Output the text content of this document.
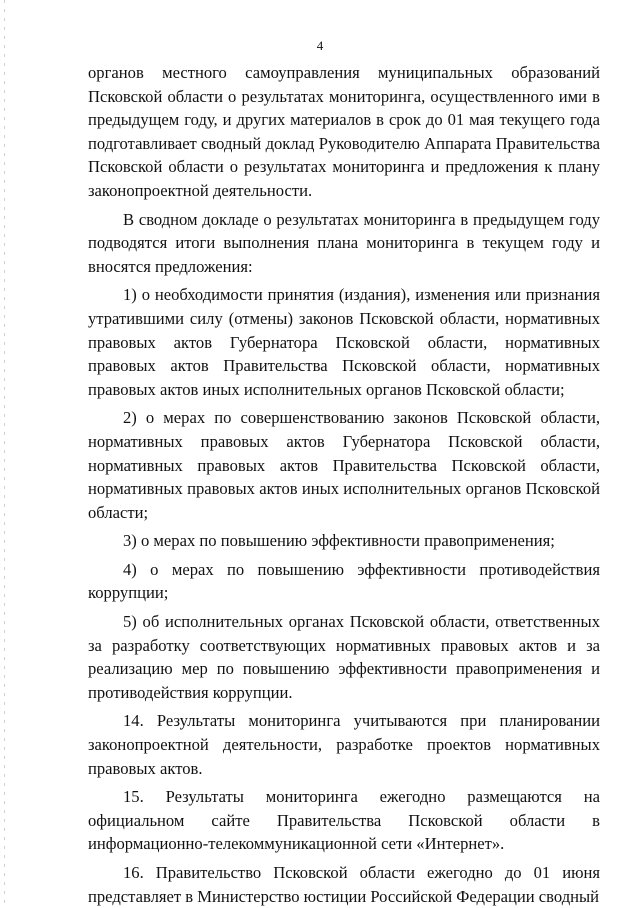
4

органов местного самоуправления муниципальных образований Псковской области о результатах мониторинга, осуществленного ими в предыдущем году, и других материалов в срок до 01 мая текущего года подготавливает сводный доклад Руководителю Аппарата Правительства Псковской области о результатах мониторинга и предложения к плану законопроектной деятельности.

В сводном докладе о результатах мониторинга в предыдущем году подводятся итоги выполнения плана мониторинга в текущем году и вносятся предложения:

1) о необходимости принятия (издания), изменения или признания утратившими силу (отмены) законов Псковской области, нормативных правовых актов Губернатора Псковской области, нормативных правовых актов Правительства Псковской области, нормативных правовых актов иных исполнительных органов Псковской области;

2) о мерах по совершенствованию законов Псковской области, нормативных правовых актов Губернатора Псковской области, нормативных правовых актов Правительства Псковской области, нормативных правовых актов иных исполнительных органов Псковской области;

3) о мерах по повышению эффективности правоприменения;

4) о мерах по повышению эффективности противодействия коррупции;

5) об исполнительных органах Псковской области, ответственных за разработку соответствующих нормативных правовых актов и за реализацию мер по повышению эффективности правоприменения и противодействия коррупции.

14. Результаты мониторинга учитываются при планировании законопроектной деятельности, разработке проектов нормативных правовых актов.

15. Результаты мониторинга ежегодно размещаются на официальном сайте Правительства Псковской области в информационно-телекоммуникационной сети «Интернет».

16. Правительство Псковской области ежегодно до 01 июня представляет в Министерство юстиции Российской Федерации сводный
